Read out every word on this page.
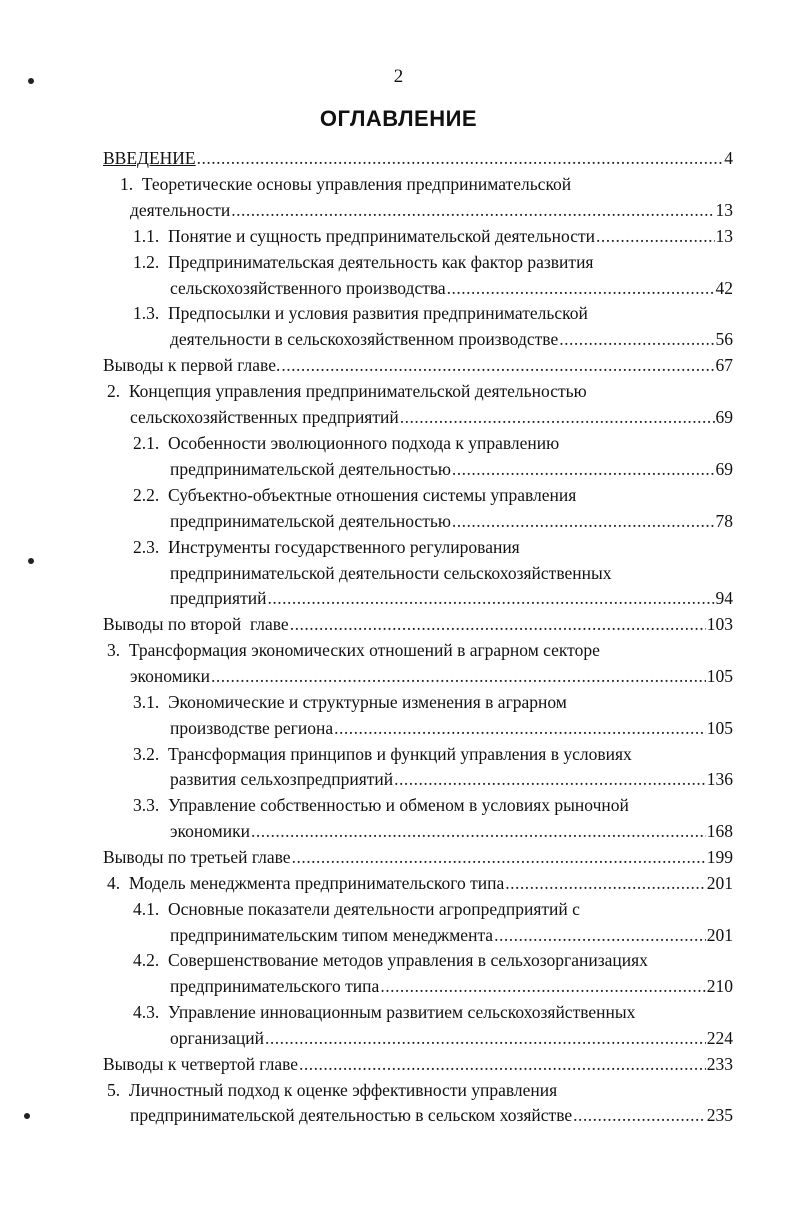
2
ОГЛАВЛЕНИЕ
ВВЕДЕНИЕ .....	4
1. Теоретические основы управления предпринимательской
деятельности .....	13
1.1. Понятие и сущность предпринимательской деятельности .....	13
1.2. Предпринимательская деятельность как фактор развития
сельскохозяйственного производства .....	42
1.3. Предпосылки и условия развития предпринимательской
деятельности в сельскохозяйственном производстве .....	56
Выводы к первой главе. .....	67
2. Концепция управления предпринимательской деятельностью
сельскохозяйственных предприятий .....	69
2.1. Особенности эволюционного подхода к управлению
предпринимательской деятельностью .....	69
2.2. Субъектно-объектные отношения системы управления
предпринимательской деятельностью .....	78
2.3. Инструменты государственного регулирования
предпринимательской деятельности сельскохозяйственных
предприятий .....	94
Выводы по второй  главе .....	103
3. Трансформация экономических отношений в аграрном секторе
экономики .....	105
3.1. Экономические и структурные изменения в аграрном
производстве региона .....	105
3.2. Трансформация принципов и функций управления в условиях
развития сельхозпредприятий .....	136
3.3. Управление собственностью и обменом в условиях рыночной
экономики .....	168
Выводы по третьей главе .....	199
4. Модель менеджмента предпринимательского типа .....	201
4.1. Основные показатели деятельности агропредприятий с
предпринимательским типом менеджмента .....	201
4.2. Совершенствование методов управления в сельхозорганизациях
предпринимательского типа .....	210
4.3. Управление инновационным развитием сельскохозяйственных
организаций .....	224
Выводы к четвертой главе .....	233
5. Личностный подход к оценке эффективности управления
предпринимательской деятельностью в сельском хозяйстве .....	235
